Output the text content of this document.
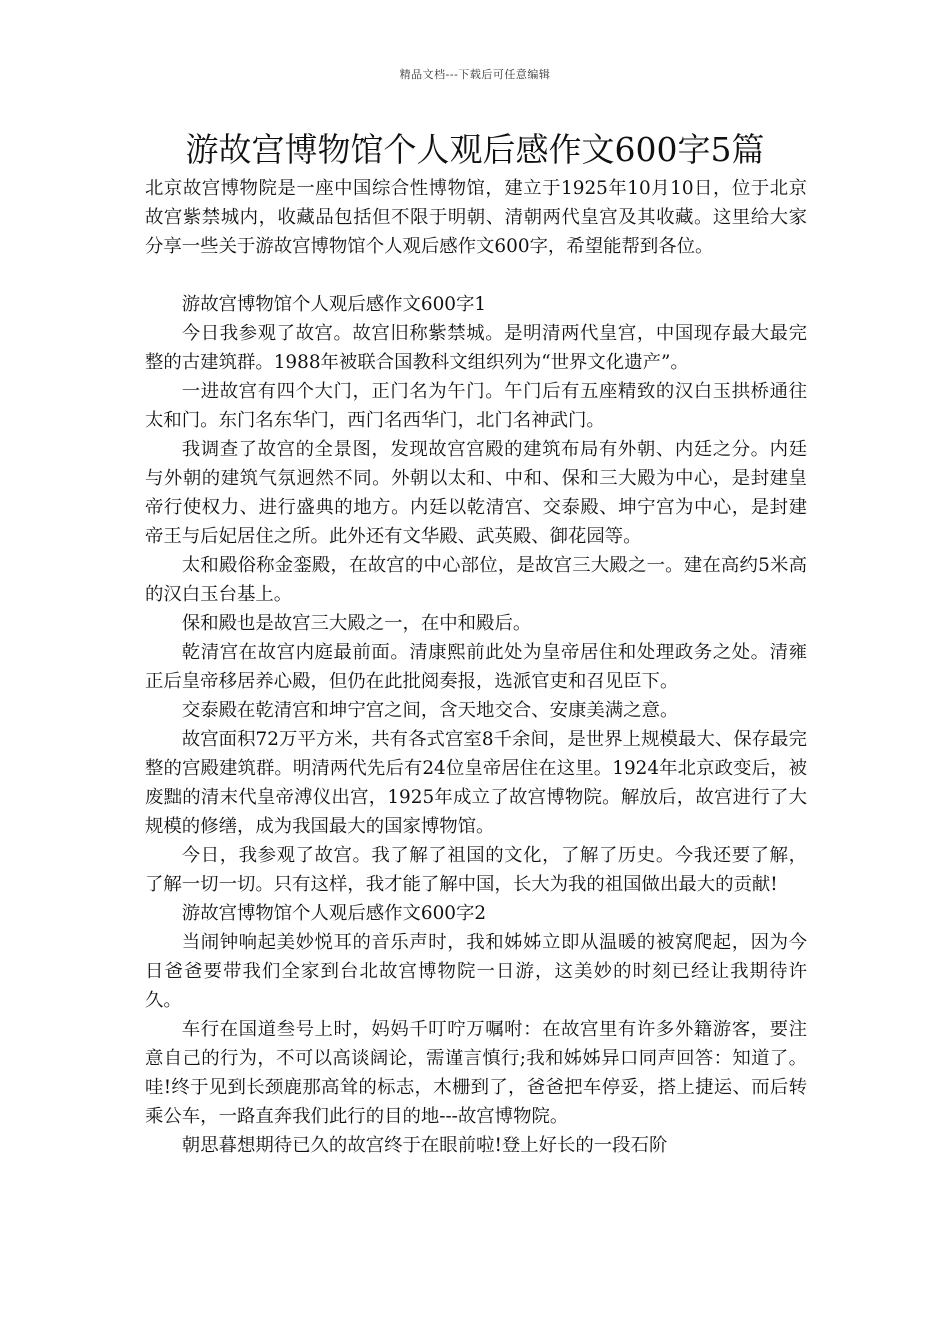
精品文档---下载后可任意编辑
游故宫博物馆个人观后感作文600字5篇

北京故宫博物院是一座中国综合性博物馆，建立于1925年10月10日，位于北京故宫紫禁城内，收藏品包括但不限于明朝、清朝两代皇宫及其收藏。这里给大家分享一些关于游故宫博物馆个人观后感作文600字，希望能帮到各位。

游故宫博物馆个人观后感作文600字1

今日我参观了故宫。故宫旧称紫禁城。是明清两代皇宫，中国现存最大最完整的古建筑群。1988年被联合国教科文组织列为“世界文化遗产”。

一进故宫有四个大门，正门名为午门。午门后有五座精致的汉白玉拱桥通往太和门。东门名东华门，西门名西华门，北门名神武门。

我调查了故宫的全景图，发现故宫宫殿的建筑布局有外朝、内廷之分。内廷与外朝的建筑气氛迥然不同。外朝以太和、中和、保和三大殿为中心，是封建皇帝行使权力、进行盛典的地方。内廷以乾清宫、交泰殿、坤宁宫为中心，是封建帝王与后妃居住之所。此外还有文华殿、武英殿、御花园等。

太和殿俗称金銮殿，在故宫的中心部位，是故宫三大殿之一。建在高约5米高的汉白玉台基上。

保和殿也是故宫三大殿之一，在中和殿后。

乾清宫在故宫内庭最前面。清康熙前此处为皇帝居住和处理政务之处。清雍正后皇帝移居养心殿，但仍在此批阅奏报，选派官吏和召见臣下。

交泰殿在乾清宫和坤宁宫之间，含天地交合、安康美满之意。

故宫面积72万平方米，共有各式宫室8千余间，是世界上规模最大、保存最完整的宫殿建筑群。明清两代先后有24位皇帝居住在这里。1924年北京政变后，被废黜的清末代皇帝溥仪出宫，1925年成立了故宫博物院。解放后，故宫进行了大规模的修缮，成为我国最大的国家博物馆。

今日，我参观了故宫。我了解了祖国的文化，了解了历史。今我还要了解，了解一切一切。只有这样，我才能了解中国，长大为我的祖国做出最大的贡献!

游故宫博物馆个人观后感作文600字2

当闹钟响起美妙悦耳的音乐声时，我和姊姊立即从温暖的被窝爬起，因为今日爸爸要带我们全家到台北故宫博物院一日游，这美妙的时刻已经让我期待许久。

车行在国道叁号上时，妈妈千叮咛万嘱咐：在故宫里有许多外籍游客，要注意自己的行为，不可以高谈阔论，需谨言慎行;我和姊姊异口同声回答：知道了。哇!终于见到长颈鹿那高耸的标志，木栅到了，爸爸把车停妥，搭上捷运、而后转乘公车，一路直奔我们此行的目的地---故宫博物院。

朝思暮想期待已久的故宫终于在眼前啦!登上好长的一段石阶
